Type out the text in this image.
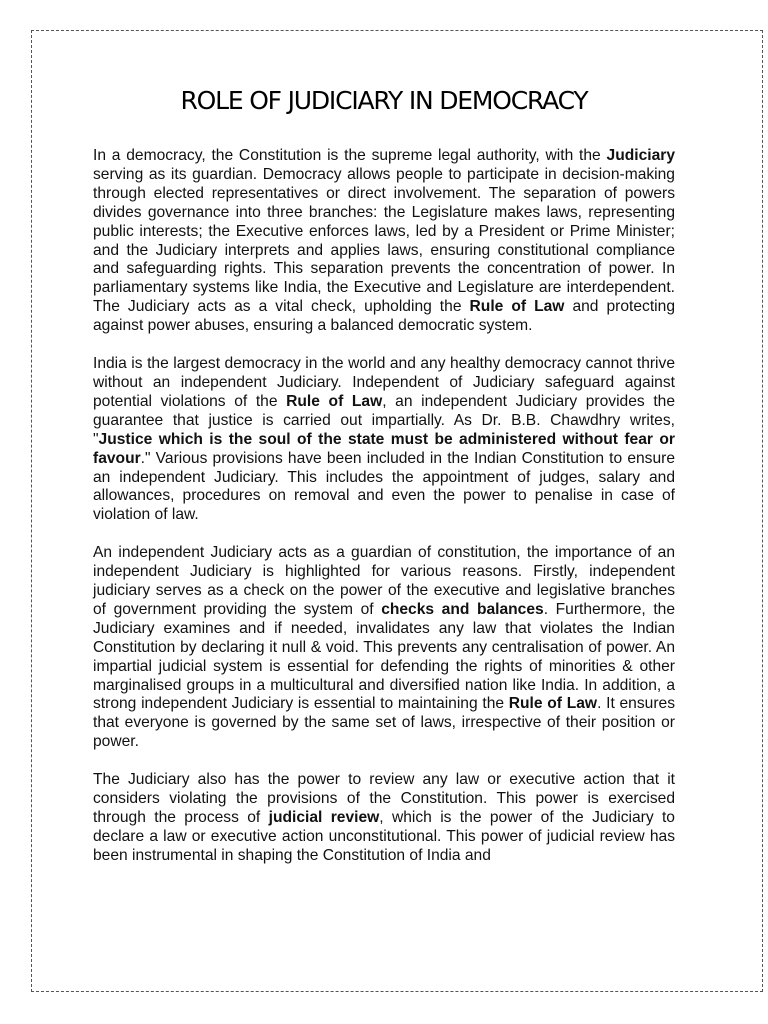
ROLE OF JUDICIARY IN DEMOCRACY

In a democracy, the Constitution is the supreme legal authority, with the Judiciary serving as its guardian. Democracy allows people to participate in decision-making through elected representatives or direct involvement. The separation of powers divides governance into three branches: the Legislature makes laws, representing public interests; the Executive enforces laws, led by a President or Prime Minister; and the Judiciary interprets and applies laws, ensuring constitutional compliance and safeguarding rights. This separation prevents the concentration of power. In parliamentary systems like India, the Executive and Legislature are interdependent. The Judiciary acts as a vital check, upholding the Rule of Law and protecting against power abuses, ensuring a balanced democratic system.

India is the largest democracy in the world and any healthy democracy cannot thrive without an independent Judiciary. Independent of Judiciary safeguard against potential violations of the Rule of Law, an independent Judiciary provides the guarantee that justice is carried out impartially. As Dr. B.B. Chawdhry writes, "Justice which is the soul of the state must be administered without fear or favour." Various provisions have been included in the Indian Constitution to ensure an independent Judiciary. This includes the appointment of judges, salary and allowances, procedures on removal and even the power to penalise in case of violation of law.

An independent Judiciary acts as a guardian of constitution, the importance of an independent Judiciary is highlighted for various reasons. Firstly, independent judiciary serves as a check on the power of the executive and legislative branches of government providing the system of checks and balances. Furthermore, the Judiciary examines and if needed, invalidates any law that violates the Indian Constitution by declaring it null & void. This prevents any centralisation of power. An impartial judicial system is essential for defending the rights of minorities & other marginalised groups in a multicultural and diversified nation like India. In addition, a strong independent Judiciary is essential to maintaining the Rule of Law. It ensures that everyone is governed by the same set of laws, irrespective of their position or power.

The Judiciary also has the power to review any law or executive action that it considers violating the provisions of the Constitution. This power is exercised through the process of judicial review, which is the power of the Judiciary to declare a law or executive action unconstitutional. This power of judicial review has been instrumental in shaping the Constitution of India and
